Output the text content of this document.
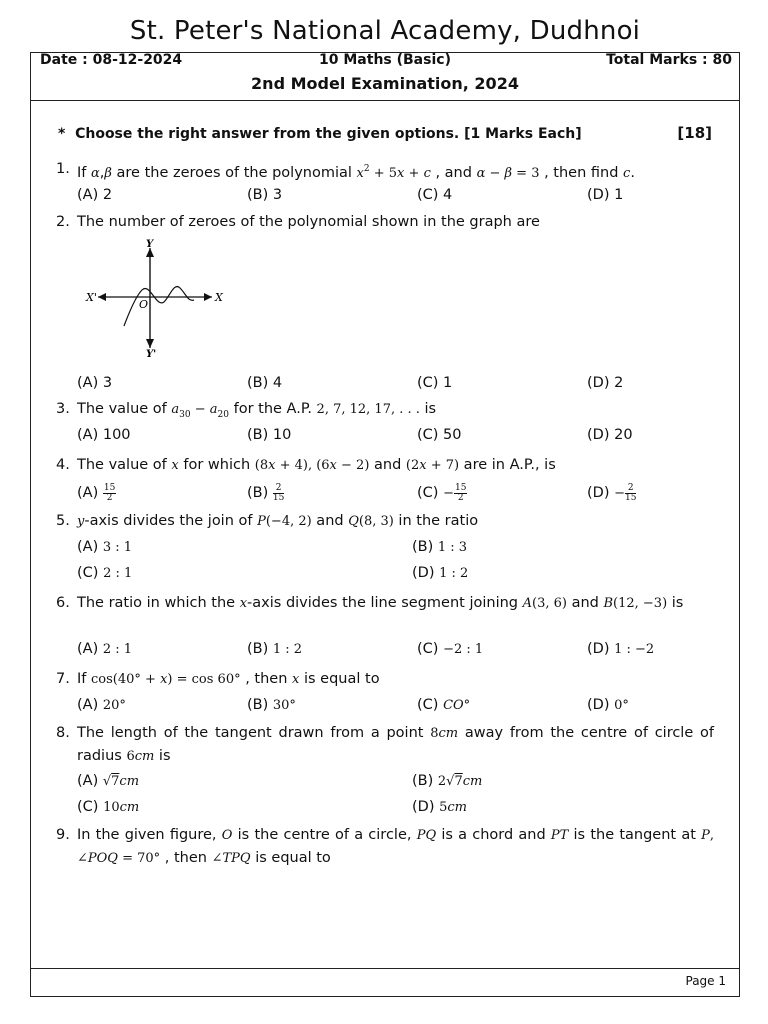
St. Peter's National Academy, Dudhnoi
Date : 08-12-2024	10 Maths (Basic)	Total Marks : 80
2nd Model Examination, 2024
* Choose the right answer from the given options. [1 Marks Each]	[18]
1. If α,β are the zeroes of the polynomial $x^2 + 5x + c$ , and α − β = 3 , then find c.
(A) 2	(B) 3	(C) 4	(D) 1
2. The number of zeroes of the polynomial shown in the graph are
(A) 3	(B) 4	(C) 1	(D) 2
X'	X
Y
Y'
O
3. The value of $a_{30} - a_{20}$ for the A.P. 2, 7, 12, 17, . . . is
(A) 100	(B) 10	(C) 50	(D) 20
4. The value of x for which (8x + 4), (6x − 2) and (2x + 7) are in A.P., is
$(A) \frac{15}{2}$	$(B) \frac{2}{15}$	$(C) - \frac{15}{2}$	$(D) - \frac{2}{15}$
5. y-axis divides the join of P(−4, 2) and Q(8, 3) in the ratio
(A) 3 : 1	(B) 1 : 3
(C) 2 : 1	(D) 1 : 2
6. The ratio in which the x-axis divides the line segment joining A(3, 6) and B(12, −3) is
(A) 2 : 1	(B) 1 : 2	(C) −2 : 1	(D) 1 : −2
7. If cos(40° + x) = cos 60° , then x is equal to
(A) 20°	(B) 30°	(C) CO°	(D) 0°
8. The length of the tangent drawn from a point 8cm away from the centre of circle of radius 6cm is
(A) √7cm	(B) 2√7cm
(C) 10cm	(D) 5cm
9. In the given figure, O is the centre of a circle, PQ is a chord and PT is the tangent at P, ∠POQ = 70° , then ∠TPQ is equal to
Page 1
